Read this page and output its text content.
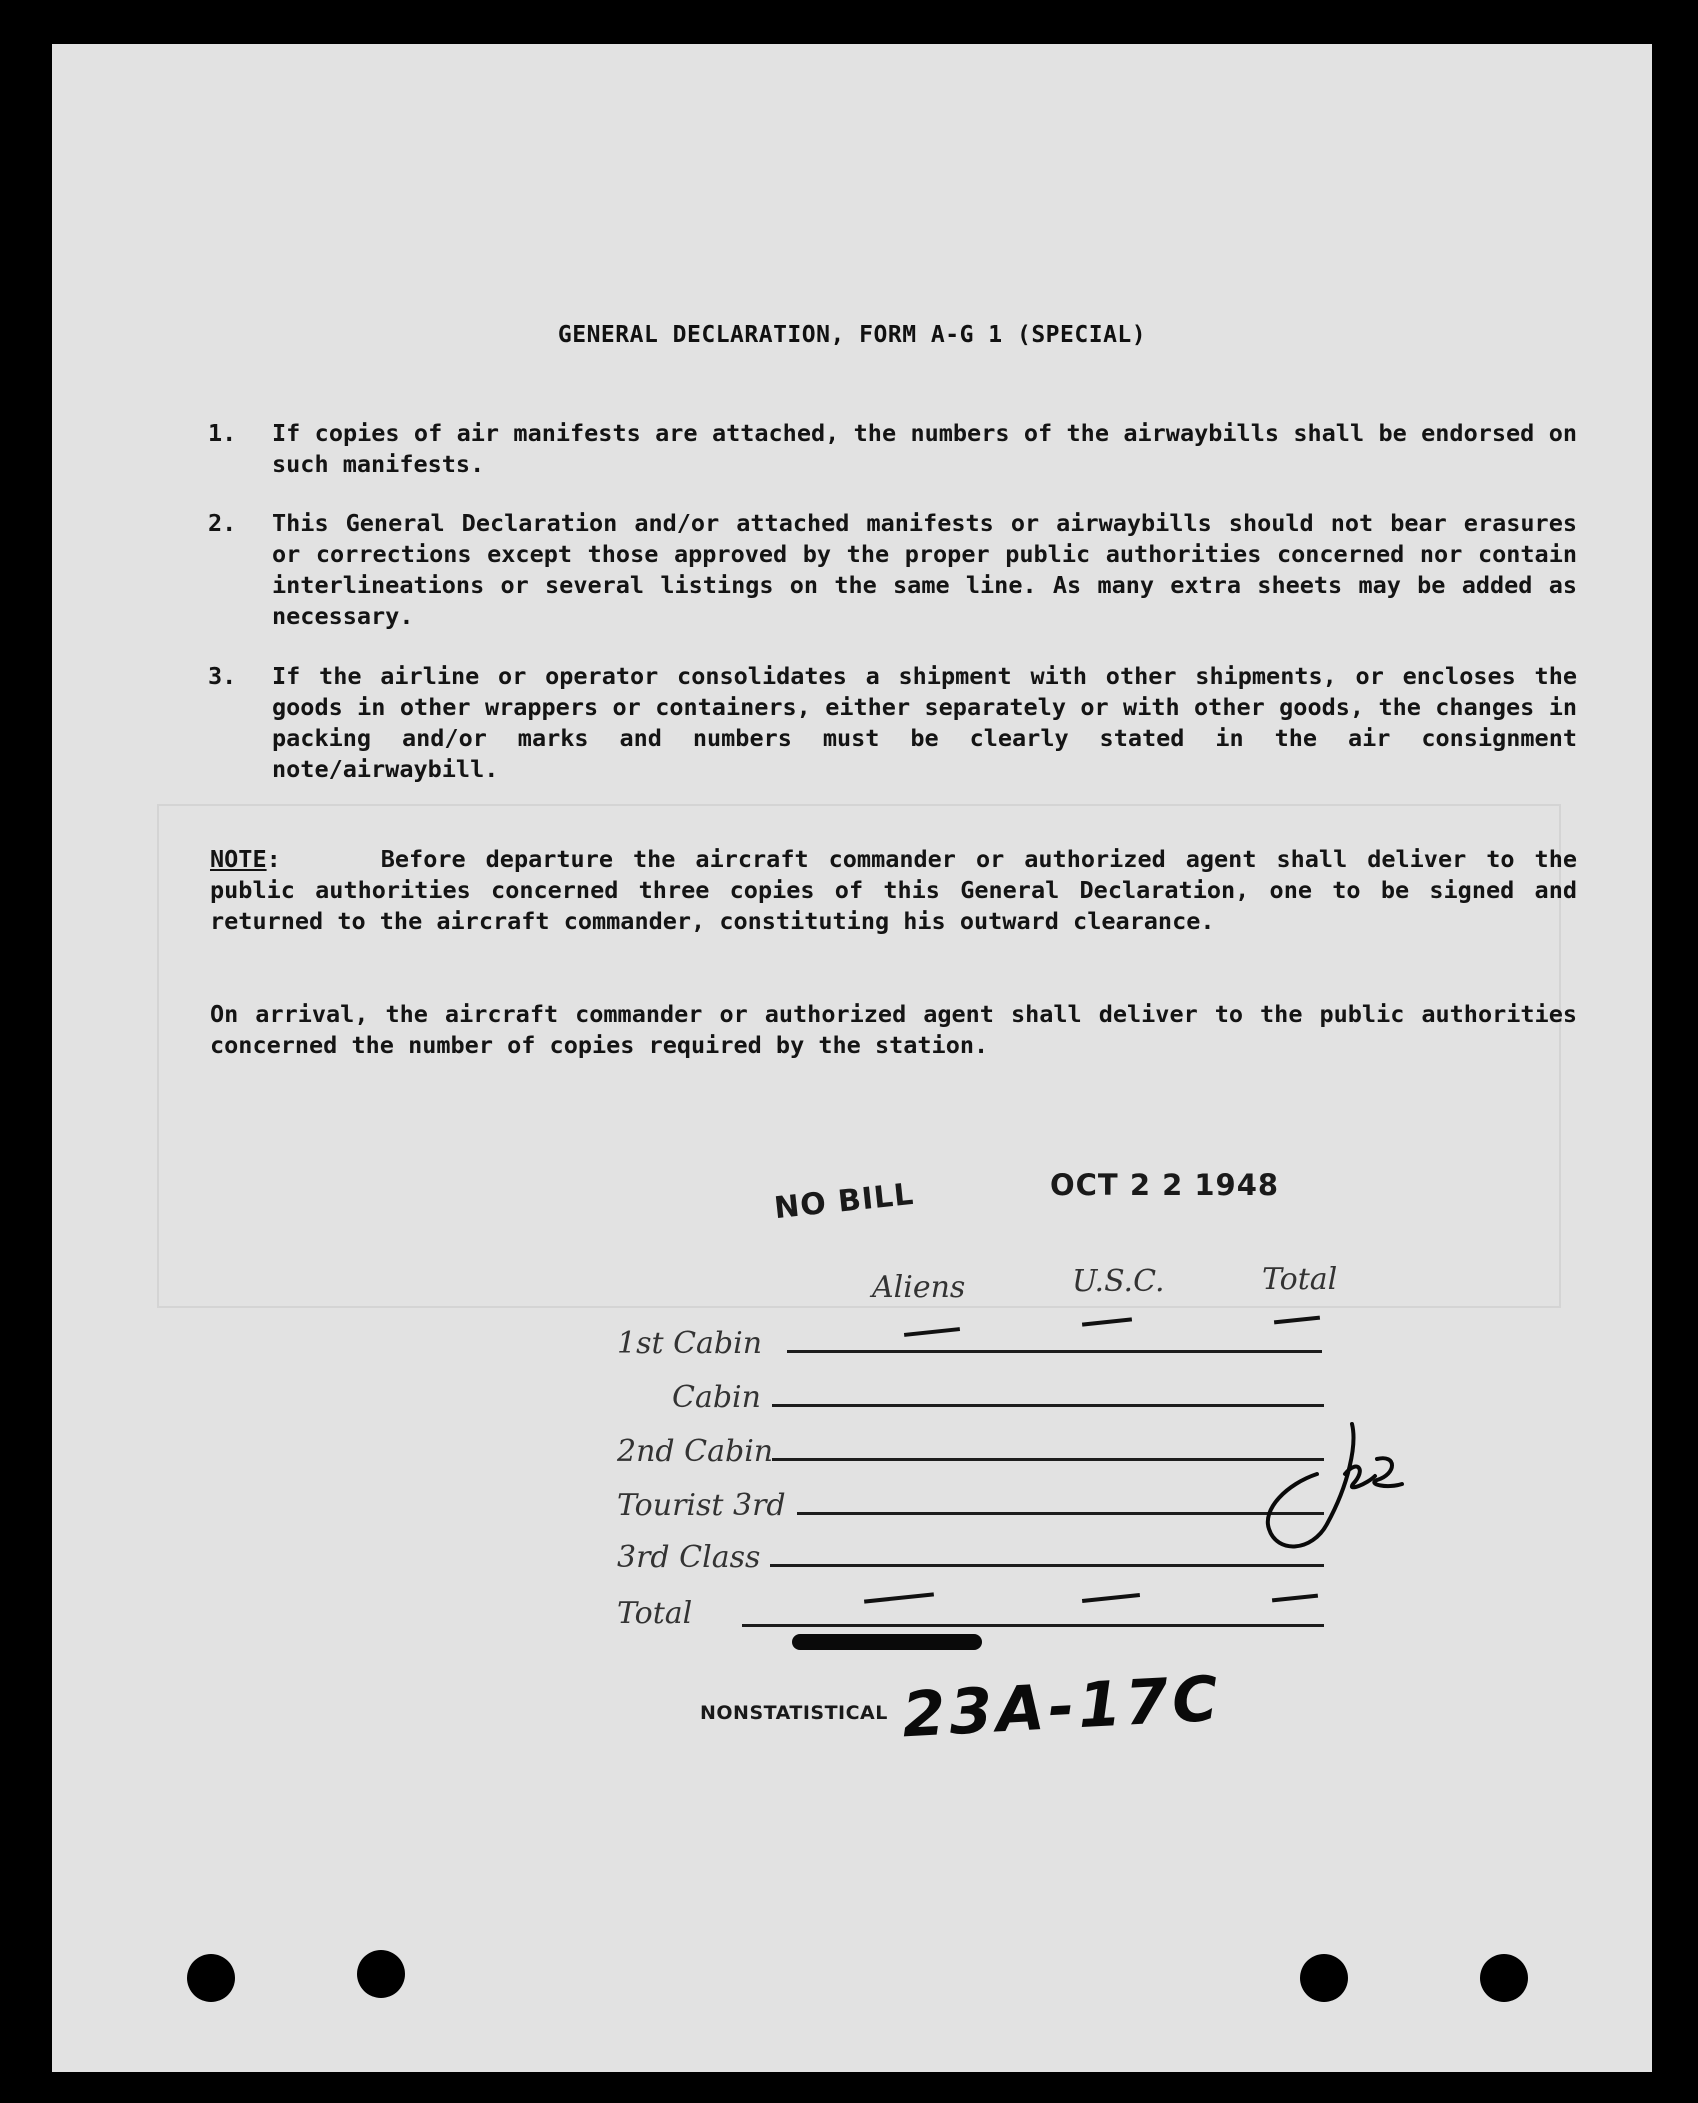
GENERAL DECLARATION, FORM A-G 1 (SPECIAL)
1. If copies of air manifests are attached, the numbers of the airwaybills shall be endorsed on such manifests.
2. This General Declaration and/or attached manifests or airwaybills should not bear erasures or corrections except those approved by the proper public authorities concerned nor contain interlineations or several listings on the same line. As many extra sheets may be added as necessary.
3. If the airline or operator consolidates a shipment with other shipments, or encloses the goods in other wrappers or containers, either separately or with other goods, the changes in packing and/or marks and numbers must be clearly stated in the air consignment note/airwaybill.
NOTE:	Before departure the aircraft commander or authorized agent shall deliver to the public authorities concerned three copies of this General Declaration, one to be signed and returned to the aircraft commander, constituting his outward clearance.
On arrival, the aircraft commander or authorized agent shall deliver to the public authorities concerned the number of copies required by the station.
NO BILL	OCT 2 2 1948
Aliens	U.S.C.	Total
1st Cabin
Cabin
2nd Cabin
Tourist 3rd
3rd Class
Total
NONSTATISTICAL 23A-17C
